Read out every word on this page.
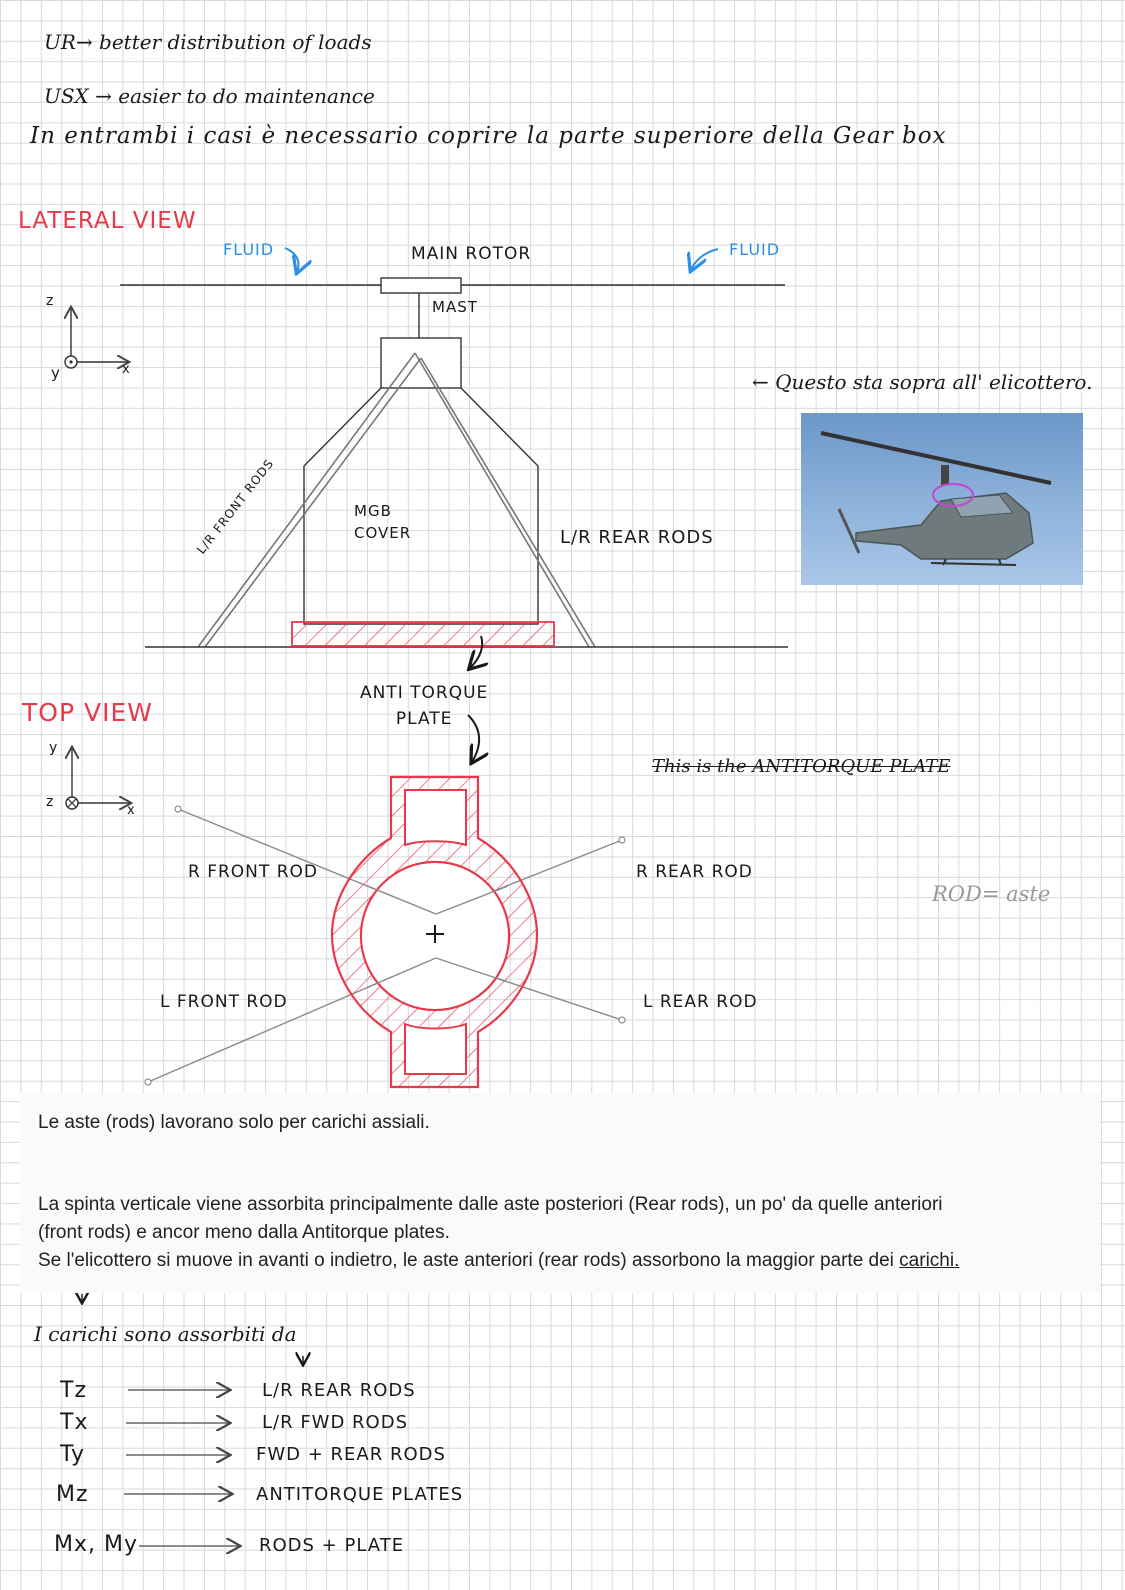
UR→ better distribution of loads
USX → easier to do maintenance
In entrambi i casi è necessario coprire la parte superiore della Gear box
LATERAL VIEW
FLUID	FLUID
MAIN ROTOR
MAST
z
y	x
MGB
COVER
L/R FRONT RODS	L/R REAR RODS
ANTI TORQUE
PLATE
← Questo sta sopra all' elicottero.
TOP VIEW
y
z
x
This is the ANTITORQUE PLATE
R FRONT ROD
L FRONT ROD
R REAR ROD
L REAR ROD
ROD= aste

Le aste (rods) lavorano solo per carichi assiali.

La spinta verticale viene assorbita principalmente dalle aste posteriori (Rear rods), un po' da quelle anteriori

(front rods) e ancor meno dalla Antitorque plates.

Se l'elicottero si muove in avanti o indietro, le aste anteriori (rear rods) assorbono la maggior parte dei carichi.

I carichi sono assorbiti da
Tz	L/R REAR RODS
Tx	L/R FWD RODS
Ty	FWD + REAR RODS
Mz	ANTITORQUE PLATES
Mx, My	RODS + PLATE
